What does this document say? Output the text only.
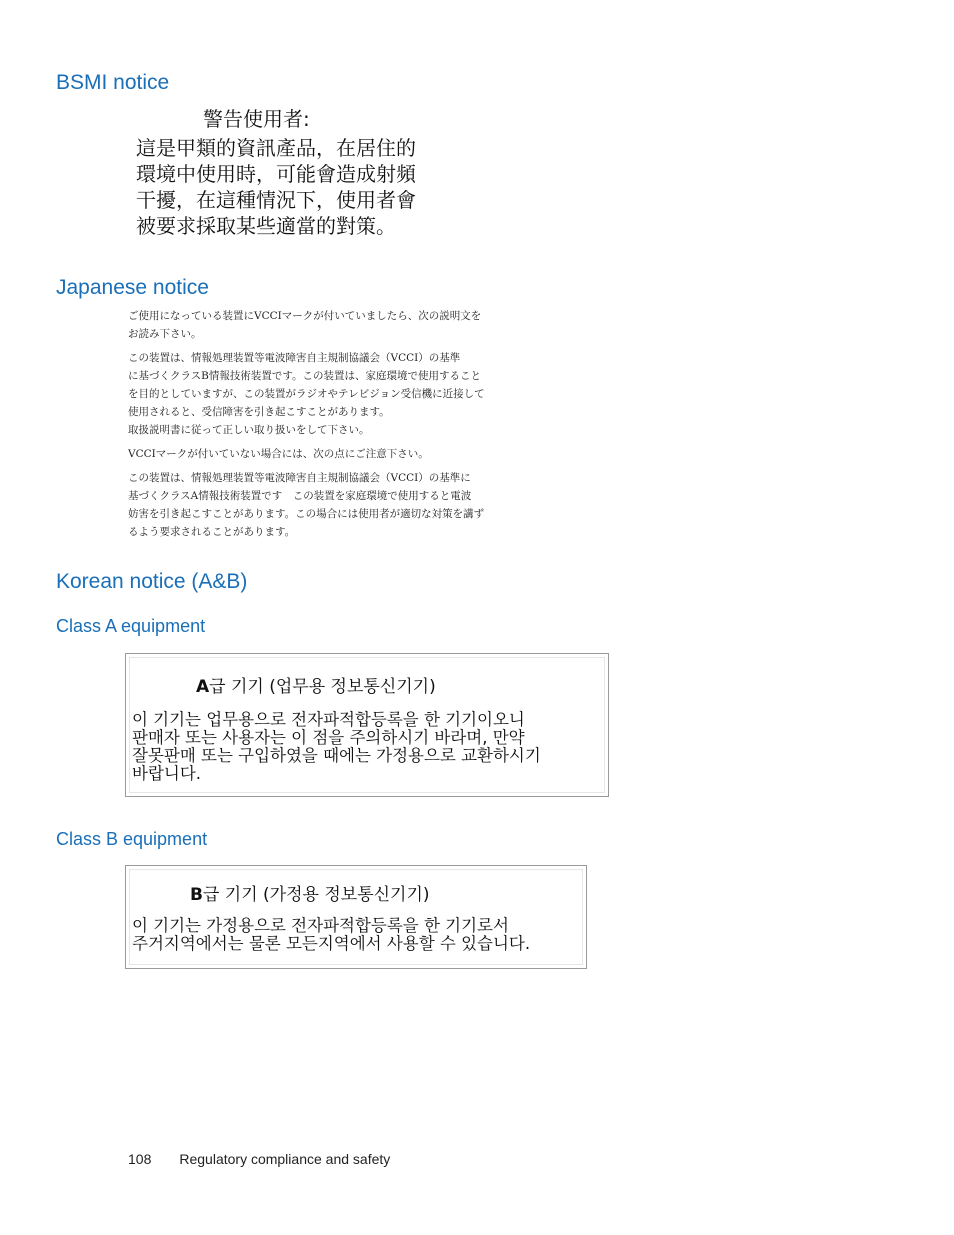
BSMI notice
警告使用者:
這是甲類的資訊產品，在居住的
環境中使用時，可能會造成射頻
干擾，在這種情況下，使用者會
被要求採取某些適當的對策。
Japanese notice
ご使用になっている装置にVCCIマークが付いていましたら、次の説明文を
お読み下さい。
この装置は、情報処理装置等電波障害自主規制協議会（VCCI）の基準
に基づくクラスB情報技術装置です。この装置は、家庭環境で使用すること
を目的としていますが、この装置がラジオやテレビジョン受信機に近接して
使用されると、受信障害を引き起こすことがあります。
取扱説明書に従って正しい取り扱いをして下さい。
VCCIマークが付いていない場合には、次の点にご注意下さい。
この装置は、情報処理装置等電波障害自主規制協議会（VCCI）の基準に
基づくクラスA情報技術装置です　この装置を家庭環境で使用すると電波
妨害を引き起こすことがあります。この場合には使用者が適切な対策を講ず
るよう要求されることがあります。
Korean notice (A&B)
Class A equipment
A급 기기 (업무용 정보통신기기)
이 기기는 업무용으로 전자파적합등록을 한 기기이오니
판매자 또는 사용자는 이 점을 주의하시기 바라며, 만약
잘못판매 또는 구입하였을 때에는 가정용으로 교환하시기
바랍니다.
Class B equipment
B급 기기 (가정용 정보통신기기)
이 기기는 가정용으로 전자파적합등록을 한 기기로서
주거지역에서는 물론 모든지역에서 사용할 수 있습니다.
108 Regulatory compliance and safety
